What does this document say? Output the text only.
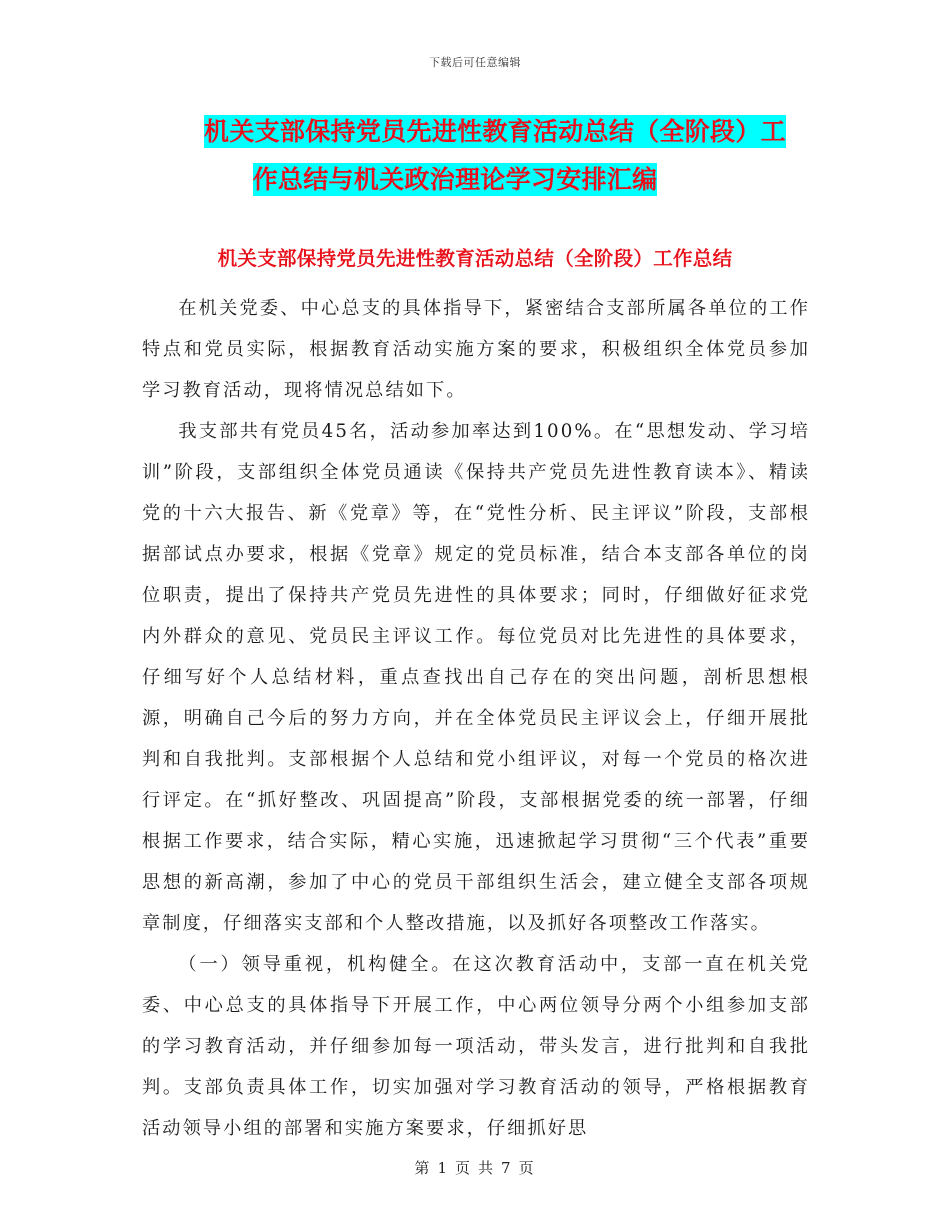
下载后可任意编辑
机关支部保持党员先进性教育活动总结（全阶段）工
作总结与机关政治理论学习安排汇编
机关支部保持党员先进性教育活动总结（全阶段）工作总结

在机关党委、中心总支的具体指导下，紧密结合支部所属各单位的工作特点和党员实际，根据教育活动实施方案的要求，积极组织全体党员参加学习教育活动，现将情况总结如下。

我支部共有党员45名，活动参加率达到100%。在“思想发动、学习培训”阶段，支部组织全体党员通读《保持共产党员先进性教育读本》、精读党的十六大报告、新《党章》等，在“党性分析、民主评议”阶段，支部根据部试点办要求，根据《党章》规定的党员标准，结合本支部各单位的岗位职责，提出了保持共产党员先进性的具体要求；同时，仔细做好征求党内外群众的意见、党员民主评议工作。每位党员对比先进性的具体要求，仔细写好个人总结材料，重点查找出自己存在的突出问题，剖析思想根源，明确自己今后的努力方向，并在全体党员民主评议会上，仔细开展批判和自我批判。支部根据个人总结和党小组评议，对每一个党员的格次进行评定。在“抓好整改、巩固提高”阶段，支部根据党委的统一部署，仔细根据工作要求，结合实际，精心实施，迅速掀起学习贯彻“三个代表”重要思想的新高潮，参加了中心的党员干部组织生活会，建立健全支部各项规章制度，仔细落实支部和个人整改措施，以及抓好各项整改工作落实。

（一）领导重视，机构健全。在这次教育活动中，支部一直在机关党委、中心总支的具体指导下开展工作，中心两位领导分两个小组参加支部的学习教育活动，并仔细参加每一项活动，带头发言，进行批判和自我批判。支部负责具体工作，切实加强对学习教育活动的领导，严格根据教育活动领导小组的部署和实施方案要求，仔细抓好思

第 1 页 共 7 页
